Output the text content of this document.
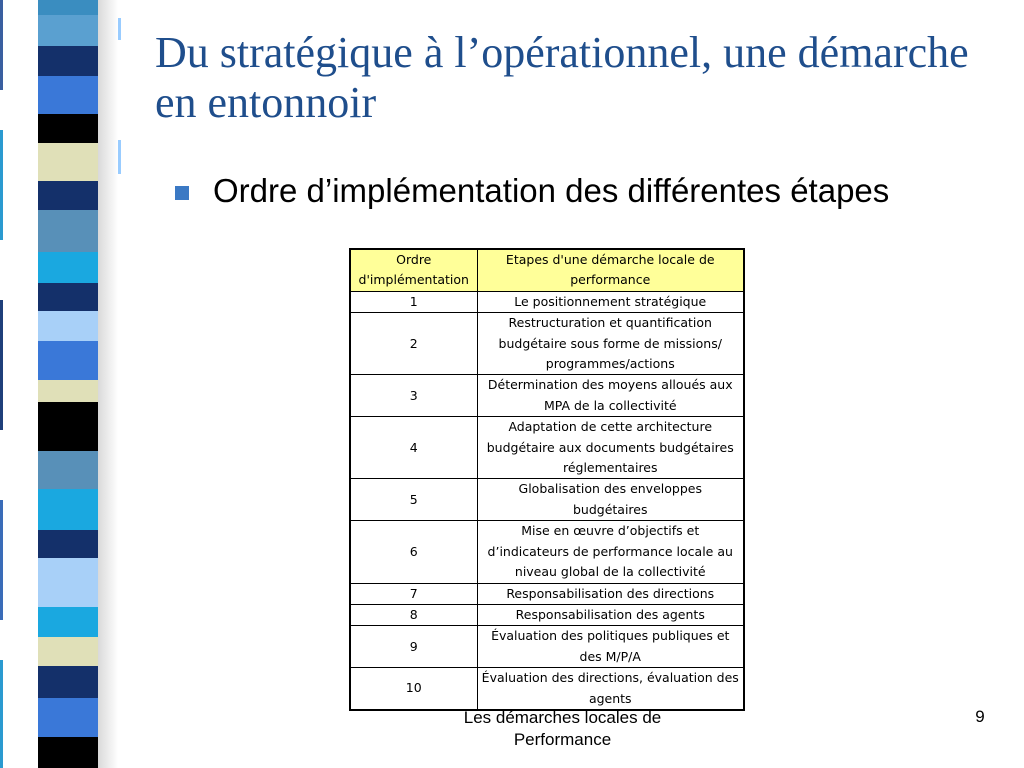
Du stratégique à l’opérationnel, une démarche en entonnoir
Ordre d’implémentation des différentes étapes
Ordre d'implémentation	Etapes d'une démarche locale de performance
1	Le positionnement stratégique
2	Restructuration et quantification budgétaire sous forme de missions/ programmes/actions
3	Détermination des moyens alloués aux MPA de la collectivité
4	Adaptation de cette architecture budgétaire aux documents budgétaires réglementaires
5	Globalisation des enveloppes budgétaires
6	Mise en œuvre d’objectifs et d’indicateurs de performance locale au niveau global de la collectivité
7	Responsabilisation des directions
8	Responsabilisation des agents
9	Évaluation des politiques publiques et des M/P/A
10	Évaluation des directions, évaluation des agents
Les démarches locales de Performance
9
